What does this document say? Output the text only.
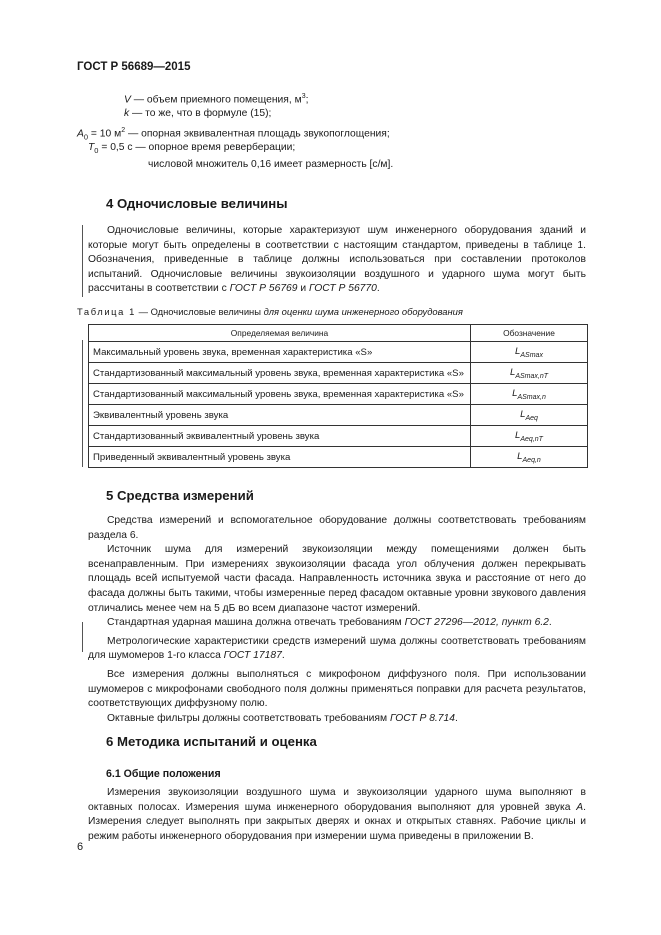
ГОСТ Р 56689—2015
V — объем приемного помещения, $м^3$;
k — то же, что в формуле (15);
$A_0 = 10$ $м^2$ — опорная эквивалентная площадь звукопоглощения;
$T_0 = 0,5$ с — опорное время реверберации;
числовой множитель 0,16 имеет размерность [с/м].
4 Одночисловые величины

Одночисловые величины, которые характеризуют шум инженерного оборудования зданий и которые могут быть определены в соответствии с настоящим стандартом, приведены в таблице 1. Обозначения, приведенные в таблице должны использоваться при составлении протоколов испытаний. Одночисловые величины звукоизоляции воздушного и ударного шума могут быть рассчитаны в соответствии с ГОСТ Р 56769 и ГОСТ Р 56770.

Таблица 1 — Одночисловые величины для оценки шума инженерного оборудования
Определяемая величина	Обозначение
Максимальный уровень звука, временная характеристика «S»	$L_{ASmax}$
Стандартизованный максимальный уровень звука, временная характеристика «S»	$L_{ASmax,nT}$
Стандартизованный максимальный уровень звука, временная характеристика «S»	$L_{ASmax,n}$
Эквивалентный уровень звука	$L_{Aeq}$
Стандартизованный эквивалентный уровень звука	$L_{Aeq,nT}$
Приведенный эквивалентный уровень звука	$L_{Aeq,n}$
5 Средства измерений

Средства измерений и вспомогательное оборудование должны соответствовать требованиям раздела 6.

Источник шума для измерений звукоизоляции между помещениями должен быть всенаправленным. При измерениях звукоизоляции фасада угол облучения должен перекрывать площадь всей испытуемой части фасада. Направленность источника звука и расстояние от него до фасада должны быть такими, чтобы измеренные перед фасадом октавные уровни звукового давления отличались менее чем на 5 дБ во всем диапазоне частот измерений.

Стандартная ударная машина должна отвечать требованиям ГОСТ 27296—2012, пункт 6.2.

Метрологические характеристики средств измерений шума должны соответствовать требованиям для шумомеров 1-го класса ГОСТ 17187.

Все измерения должны выполняться с микрофоном диффузного поля. При использовании шумомеров с микрофонами свободного поля должны применяться поправки для расчета результатов, соответствующих диффузному полю.

Октавные фильтры должны соответствовать требованиям ГОСТ Р 8.714.

6 Методика испытаний и оценка
6.1 Общие положения

Измерения звукоизоляции воздушного шума и звукоизоляции ударного шума выполняют в октавных полосах. Измерения шума инженерного оборудования выполняют для уровней звука A. Измерения следует выполнять при закрытых дверях и окнах и открытых ставнях. Рабочие циклы и режим работы инженерного оборудования при измерении шума приведены в приложении В.

6
